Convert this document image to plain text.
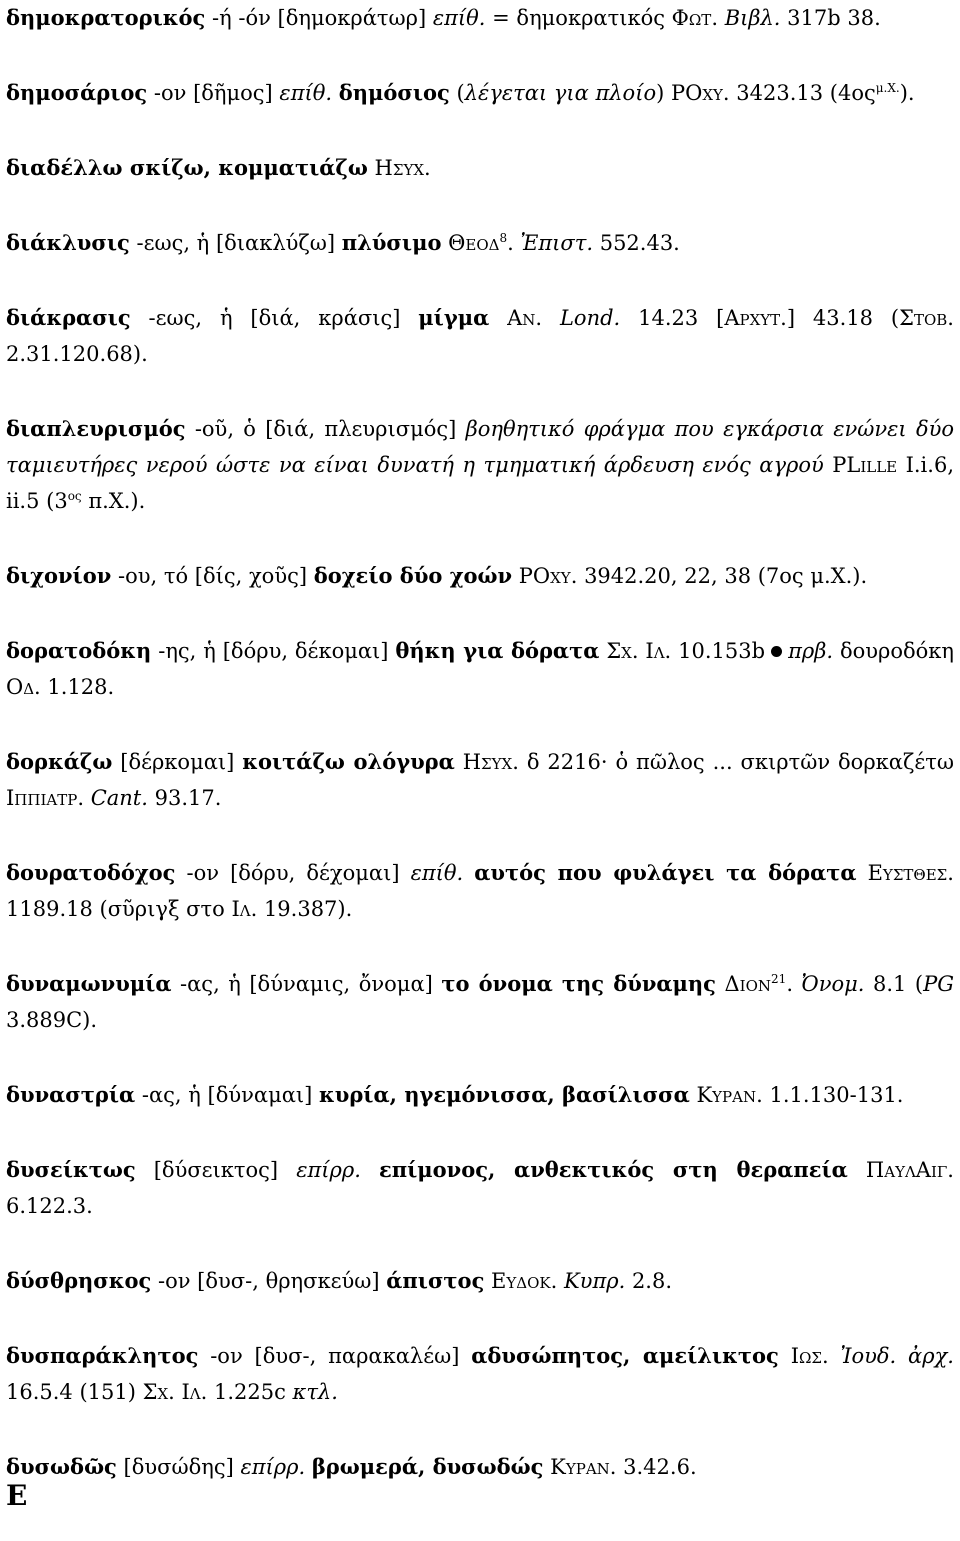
δημοκρατορικός -ή -όν [δημοκράτωρ] επίθ. = δημοκρατικός Φωτ. Βιβλ. 317b 38.
δημοσάριος -ον [δῆμος] επίθ. δημόσιος (λέγεται για πλοίο) POxy. 3423.13 $(4o\varsigma^{\mu.X.})$.
διαδέλλω σκίζω, κομματιάζω Ησυχ.
διάκλυσις -εως, ἡ [διακλύζω] πλύσιμο Θεοδ$^8$. Ἐπιστ. 552.43.
διάκρασις -εως, ἡ [διά, κράσις] μίγμα Αν. Lond. 14.23 [Αρχυτ.] 43.18 (Στοβ. 2.31.120.68).
διαπλευρισμός -οῦ, ὁ [διά, πλευρισμός] βοηθητικό φράγμα που εγκάρσια ενώνει δύο ταμιευτήρες νερού ώστε να είναι δυνατή η τμηματική άρδευση ενός αγρού PLille I.i.6, ii.5 ($3^{o\varsigma}$ π.Χ.).
διχονίον -ου, τό [δίς, χοῦς] δοχείο δύο χοών POxy. 3942.20, 22, 38 (7ος μ.Χ.).
δορατοδόκη -ης, ἡ [δόρυ, δέκομαι] θήκη για δόρατα Σχ. Ιλ. 10.153b πρβ. δουροδόκη Οδ. 1.128.
δορκάζω [δέρκομαι] κοιτάζω ολόγυρα Ησυχ. δ 2216· ὁ πῶλος ... σκιρτῶν δορκαζέτω Ιππιατρ. Cant. 93.17.
δουρατοδόχος -ον [δόρυ, δέχομαι] επίθ. αυτός που φυλάγει τα δόρατα Ευστθεσ. 1189.18 (σῦριγξ στο Ιλ. 19.387).
δυναμωνυμία -ας, ἡ [δύναμις, ὄνομα] το όνομα της δύναμης Διον$^{21}$. Ὀνομ. 8.1 (PG 3.889C).
δυναστρία -ας, ἡ [δύναμαι] κυρία, ηγεμόνισσα, βασίλισσα Κυραν. 1.1.130-131.
δυσείκτως [δύσεικτος] επίρρ. επίμονος, ανθεκτικός στη θεραπεία ΠαυλΑιγ. 6.122.3.
δύσθρησκος -ον [δυσ-, θρησκεύω] άπιστος Ευδοκ. Κυπρ. 2.8.
δυσπαράκλητος -ον [δυσ-, παρακαλέω] αδυσώπητος, αμείλικτος Ιωσ. Ἰουδ. ἀρχ. 16.5.4 (151) Σχ. Ιλ. 1.225c κτλ.
δυσωδῶς [δυσώδης] επίρρ. βρωμερά, δυσωδώς Κυραν. 3.42.6.
Ε
